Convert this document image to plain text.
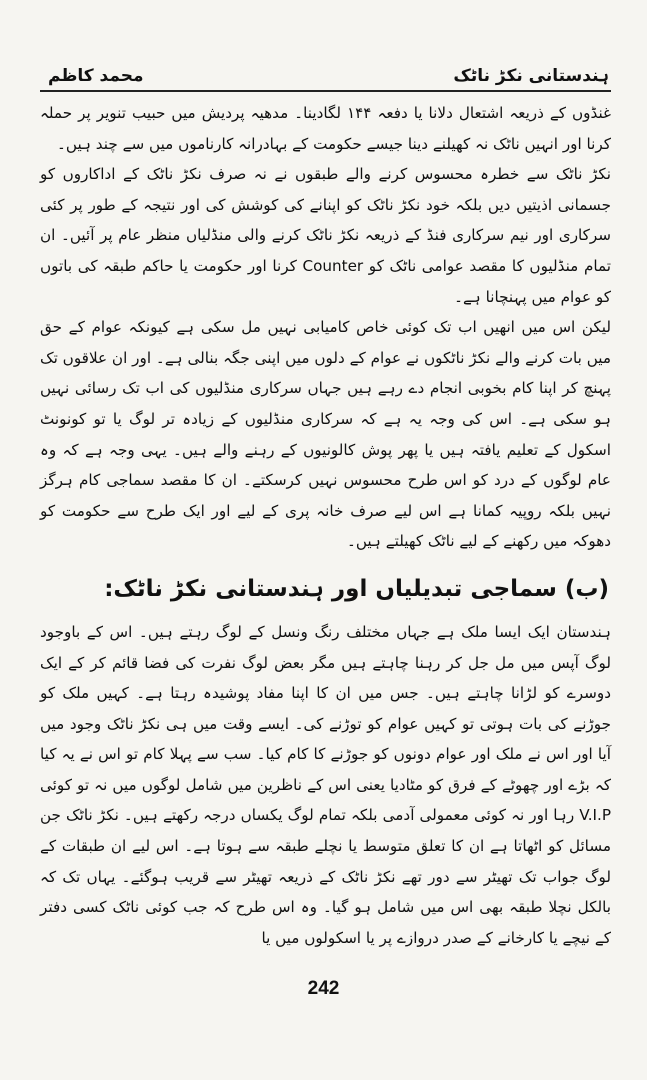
ہندستانی نکڑ ناٹک
محمد کاظم

غنڈوں کے ذریعہ اشتعال دلانا یا دفعہ ۱۴۴ لگادینا۔ مدھیہ پردیش میں حبیب تنویر پر حملہ کرنا اور انہیں ناٹک نہ کھیلنے دینا جیسے حکومت کے بہادرانہ کارناموں میں سے چند ہیں۔

نکڑ ناٹک سے خطرہ محسوس کرنے والے طبقوں نے نہ صرف نکڑ ناٹک کے اداکاروں کو جسمانی اذیتیں دیں بلکہ خود نکڑ ناٹک کو اپنانے کی کوشش کی اور نتیجہ کے طور پر کئی سرکاری اور نیم سرکاری فنڈ کے ذریعہ نکڑ ناٹک کرنے والی منڈلیاں منظر عام پر آئیں۔ ان تمام منڈلیوں کا مقصد عوامی ناٹک کو Counter کرنا اور حکومت یا حاکم طبقہ کی باتوں کو عوام میں پہنچانا ہے۔

لیکن اس میں انھیں اب تک کوئی خاص کامیابی نہیں مل سکی ہے کیونکہ عوام کے حق میں بات کرنے والے نکڑ ناٹکوں نے عوام کے دلوں میں اپنی جگہ بنالی ہے۔ اور ان علاقوں تک پہنچ کر اپنا کام بخوبی انجام دے رہے ہیں جہاں سرکاری منڈلیوں کی اب تک رسائی نہیں ہو سکی ہے۔ اس کی وجہ یہ ہے کہ سرکاری منڈلیوں کے زیادہ تر لوگ یا تو کونونٹ اسکول کے تعلیم یافتہ ہیں یا پھر پوش کالونیوں کے رہنے والے ہیں۔ یہی وجہ ہے کہ وہ عام لوگوں کے درد کو اس طرح محسوس نہیں کرسکتے۔ ان کا مقصد سماجی کام ہرگز نہیں بلکہ روپیہ کمانا ہے اس لیے صرف خانہ پری کے لیے اور ایک طرح سے حکومت کو دھوکہ میں رکھنے کے لیے ناٹک کھیلتے ہیں۔

(ب) سماجی تبدیلیاں اور ہندستانی نکڑ ناٹک:

ہندستان ایک ایسا ملک ہے جہاں مختلف رنگ ونسل کے لوگ رہتے ہیں۔ اس کے باوجود لوگ آپس میں مل جل کر رہنا چاہتے ہیں مگر بعض لوگ نفرت کی فضا قائم کر کے ایک دوسرے کو لڑانا چاہتے ہیں۔ جس میں ان کا اپنا مفاد پوشیدہ رہتا ہے۔ کہیں ملک کو جوڑنے کی بات ہوتی تو کہیں عوام کو توڑنے کی۔ ایسے وقت میں ہی نکڑ ناٹک وجود میں آیا اور اس نے ملک اور عوام دونوں کو جوڑنے کا کام کیا۔ سب سے پہلا کام تو اس نے یہ کیا کہ بڑے اور چھوٹے کے فرق کو مٹادیا یعنی اس کے ناظرین میں شامل لوگوں میں نہ تو کوئی V.I.P رہا اور نہ کوئی معمولی آدمی بلکہ تمام لوگ یکساں درجہ رکھتے ہیں۔ نکڑ ناٹک جن مسائل کو اٹھاتا ہے ان کا تعلق متوسط یا نچلے طبقہ سے ہوتا ہے۔ اس لیے ان طبقات کے لوگ جواب تک تھیٹر سے دور تھے نکڑ ناٹک کے ذریعہ تھیٹر سے قریب ہوگئے۔ یہاں تک کہ بالکل نچلا طبقہ بھی اس میں شامل ہو گیا۔ وہ اس طرح کہ جب کوئی ناٹک کسی دفتر کے نیچے یا کارخانے کے صدر دروازے پر یا اسکولوں میں یا

242
